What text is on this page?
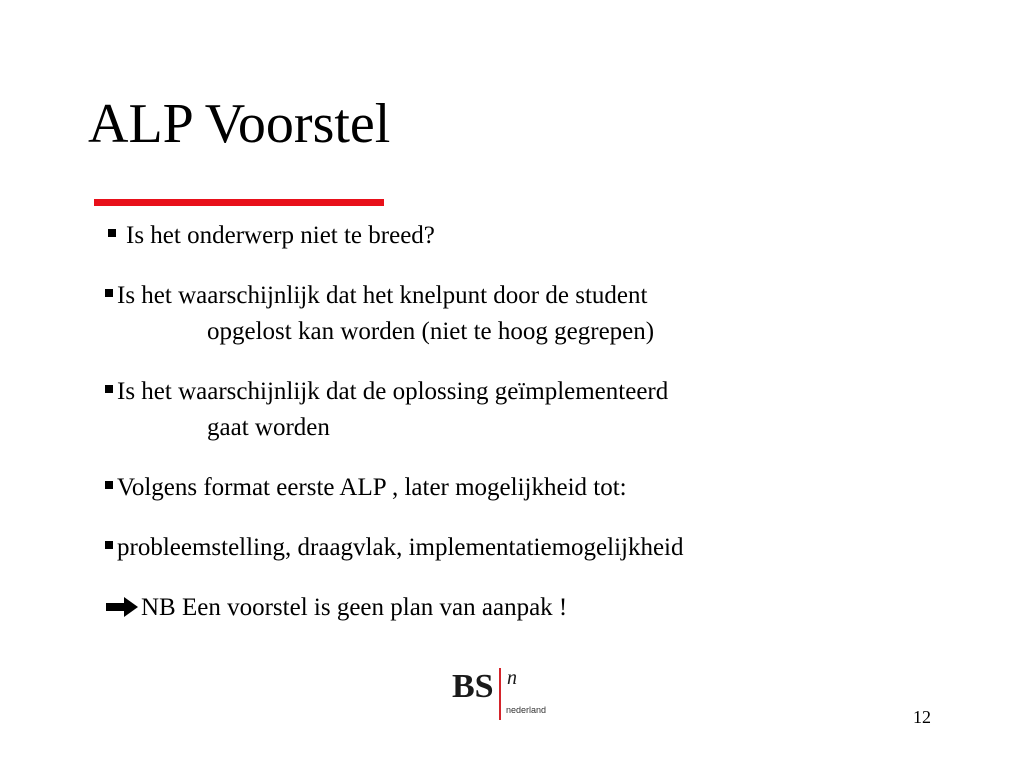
ALP Voorstel
Is het onderwerp niet te breed?
Is het waarschijnlijk dat het knelpunt door de student
opgelost kan worden (niet te hoog gegrepen)
Is het waarschijnlijk dat de oplossing geïmplementeerd
gaat worden
Volgens format eerste ALP , later mogelijkheid tot:
probleemstelling, draagvlak, implementatiemogelijkheid
NB Een voorstel is geen plan van aanpak !
BS n
nederland	12
